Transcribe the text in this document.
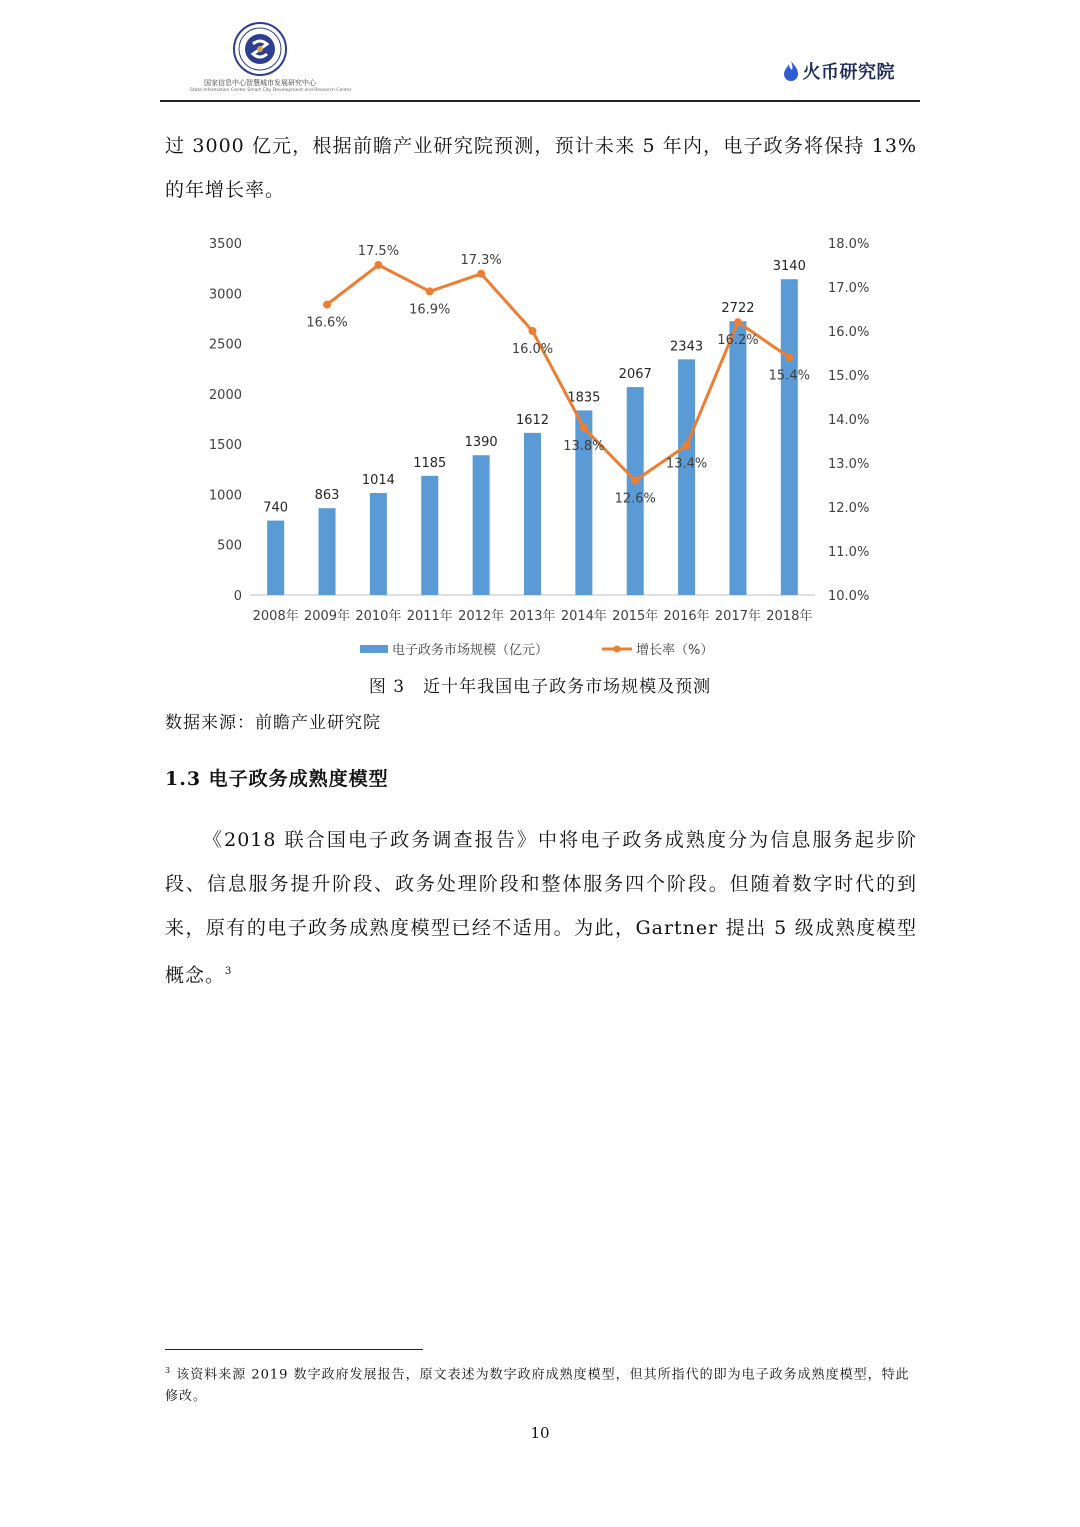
国家信息中心智慧城市发展研究中心
State Information Center Smart City Development and Research Center
火币研究院
过 3000 亿元，根据前瞻产业研究院预测，预计未来 5 年内，电子政务将保持 13%的年增长率。
0
500
1000
1500
2000
2500
3000
3500
10.0%
11.0%
12.0%
13.0%
14.0%
15.0%
16.0%
17.0%
18.0%
740
863
1014
1185
1390
1612
1835
2067
2343
2722
3140
2008年 2009年 2010年 2011年 2012年 2013年 2014年 2015年 2016年 2017年 2018年
16.6%
17.5%
16.9%
17.3%
16.0%
13.8%
12.6%
13.4%
16.2%
15.4%
电子政务市场规模（亿元）	增长率（%）
图 3　近十年我国电子政务市场规模及预测
数据来源：前瞻产业研究院
1.3 电子政务成熟度模型
《2018 联合国电子政务调查报告》中将电子政务成熟度分为信息服务起步阶段、信息服务提升阶段、政务处理阶段和整体服务四个阶段。但随着数字时代的到来，原有的电子政务成熟度模型已经不适用。为此，Gartner 提出 5 级成熟度模型概念。$^3$
$^3$ 该资料来源 2019 数字政府发展报告，原文表述为数字政府成熟度模型，但其所指代的即为电子政务成熟度模型，特此修改。
10
